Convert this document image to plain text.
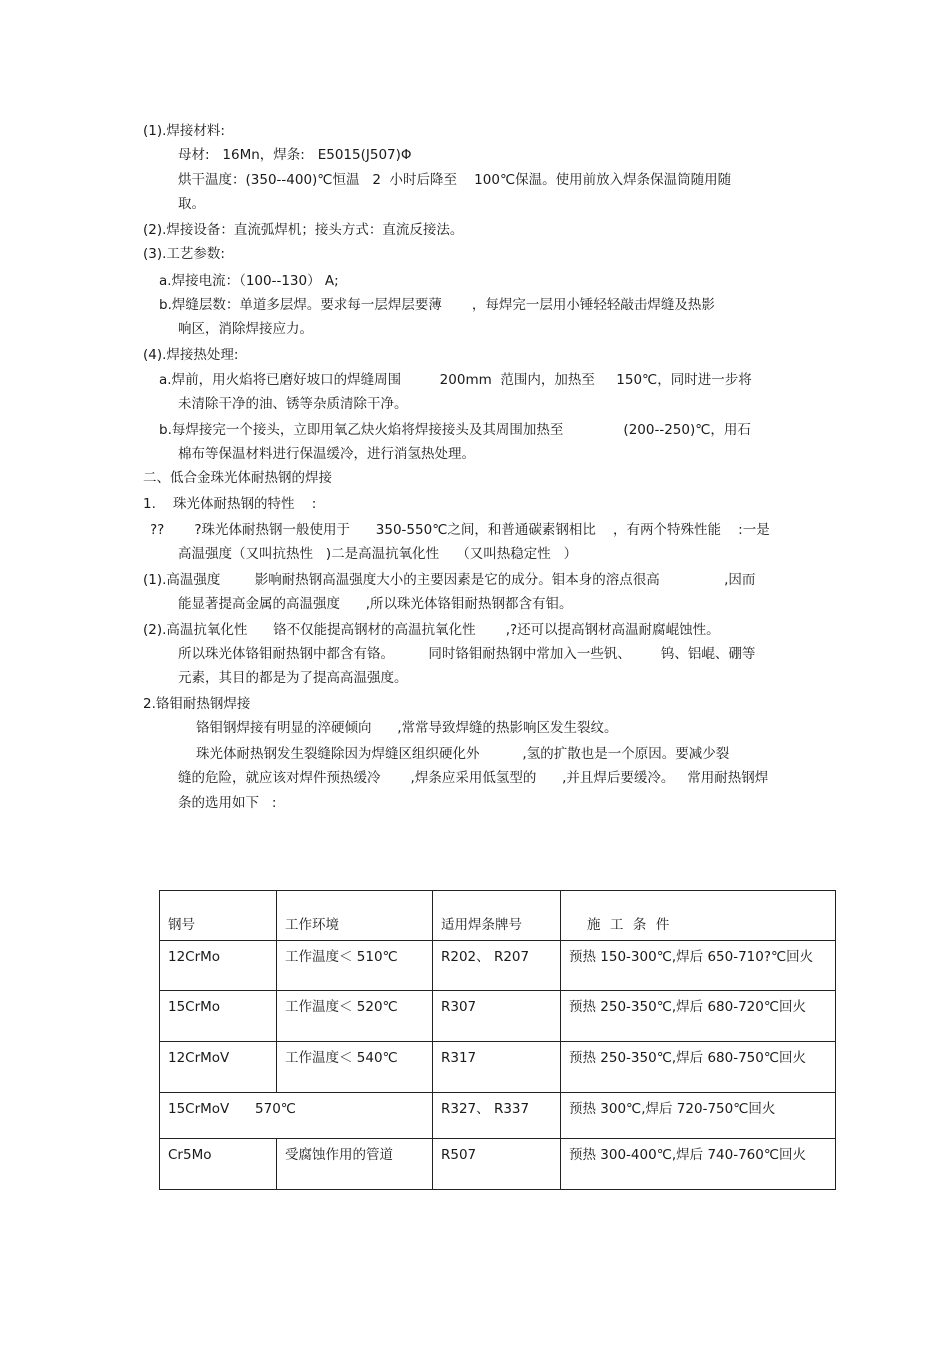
(1).焊接材料:
母材:   16Mn，焊条:   E5015(J507)Φ
烘干温度：(350--400)℃恒温   2  小时后降至    100℃保温。使用前放入焊条保温筒随用随
取。
(2).焊接设备：直流弧焊机；接头方式：直流反接法。
(3).工艺参数:
a.焊接电流：（100--130） A;
b.焊缝层数：单道多层焊。要求每一层焊层要薄       ，每焊完一层用小锤轻轻敲击焊缝及热影
响区，消除焊接应力。
(4).焊接热处理:
a.焊前，用火焰将已磨好坡口的焊缝周围         200mm  范围内，加热至     150℃，同时进一步将
未清除干净的油、锈等杂质清除干净。
b.每焊接完一个接头，立即用氧乙炔火焰将焊接接头及其周围加热至              (200--250)℃，用石
棉布等保温材料进行保温缓冷，进行消氢热处理。
二、低合金珠光体耐热钢的焊接
1.    珠光体耐热钢的特性    :
??       ?珠光体耐热钢一般使用于      350-550℃之间，和普通碳素钢相比    ，有两个特殊性能    :一是
高温强度（又叫抗热性   )二是高温抗氧化性    （又叫热稳定性   ）
(1).高温强度        影响耐热钢高温强度大小的主要因素是它的成分。钼本身的溶点很高               ,因而
能显著提高金属的高温强度      ,所以珠光体铬钼耐热钢都含有钼。
(2).高温抗氧化性      铬不仅能提高钢材的高温抗氧化性       ,?还可以提高钢材高温耐腐崐蚀性。
所以珠光体铬钼耐热钢中都含有铬。        同时铬钼耐热钢中常加入一些钒、       钨、铝崐、硼等
元素，其目的都是为了提高高温强度。
2.铬钼耐热钢焊接
铬钼钢焊接有明显的淬硬倾向      ,常常导致焊缝的热影响区发生裂纹。
珠光体耐热钢发生裂缝除因为焊缝区组织硬化外          ,氢的扩散也是一个原因。要减少裂
缝的危险，就应该对焊件预热缓冷       ,焊条应采用低氢型的      ,并且焊后要缓冷。   常用耐热钢焊
条的选用如下   :
钢号	工作环境	适用焊条牌号	施工条件
12CrMo	工作温度＜ 510℃	R202、 R207	预热 150-300℃,焊后 650-710?℃回火
15CrMo	工作温度＜ 520℃	R307	预热 250-350℃,焊后 680-720℃回火
12CrMoV	工作温度＜ 540℃	R317	预热 250-350℃,焊后 680-750℃回火
15CrMoV      570℃		R327、 R337	预热 300℃,焊后 720-750℃回火
Cr5Mo	受腐蚀作用的管道	R507	预热 300-400℃,焊后 740-760℃回火
